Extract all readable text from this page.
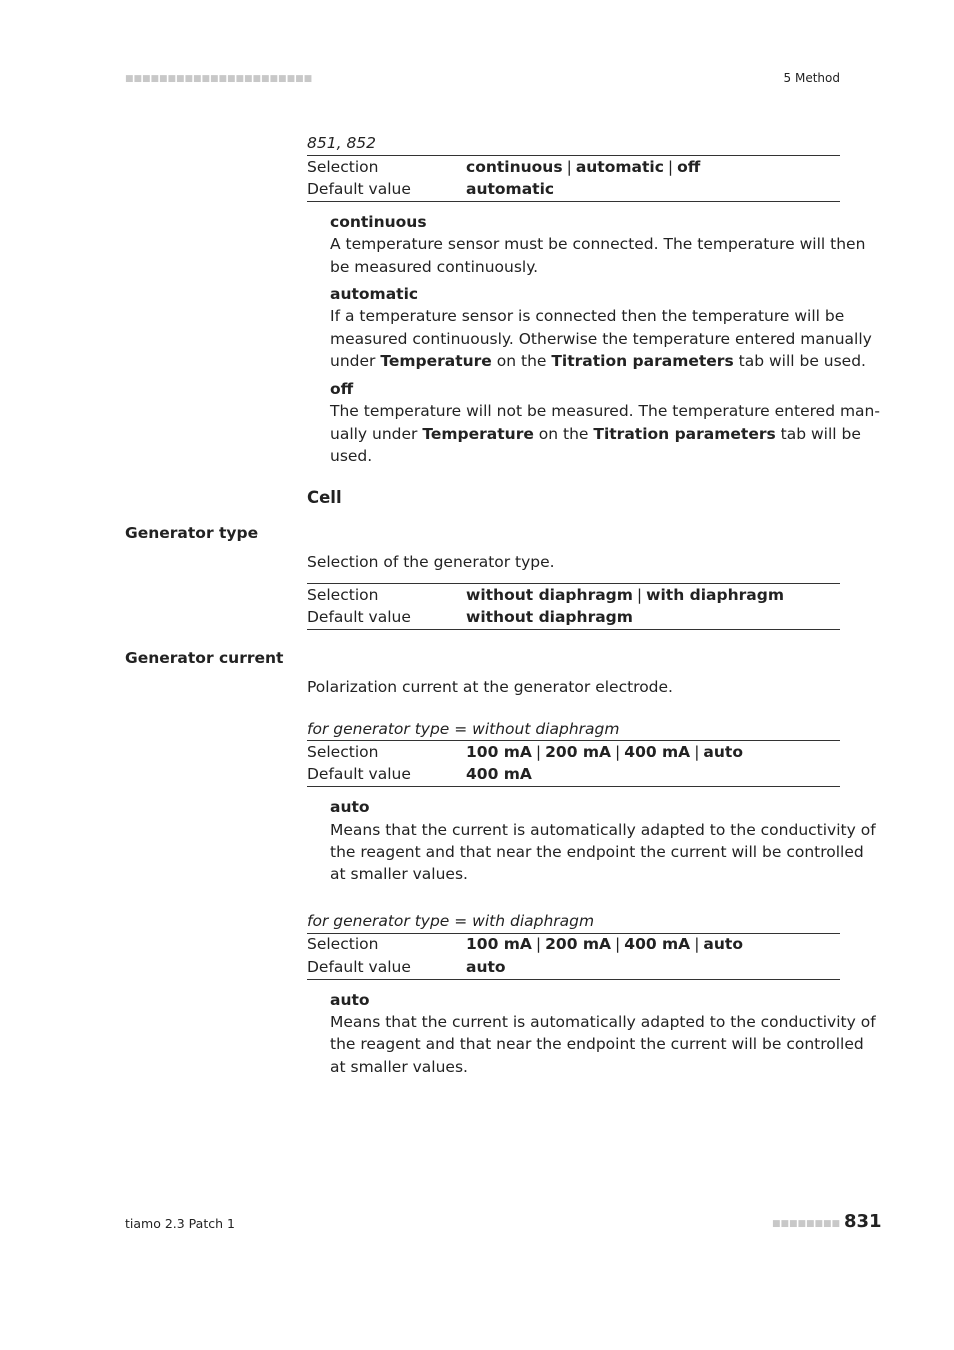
■■■■■■■■■■■■■■■■■■■■■■	5 Method
851, 852
Selection	continuous | automatic | off
Default value	automatic
continuous
A temperature sensor must be connected. The temperature will then
be measured continuously.
automatic
If a temperature sensor is connected then the temperature will be
measured continuously. Otherwise the temperature entered manually
under Temperature on the Titration parameters tab will be used.
off
The temperature will not be measured. The temperature entered man-
ually under Temperature on the Titration parameters tab will be
used.
Cell
Generator type
Selection of the generator type.
Selection	without diaphragm | with diaphragm
Default value	without diaphragm
Generator current
Polarization current at the generator electrode.
for generator type = without diaphragm
Selection	100 mA | 200 mA | 400 mA | auto
Default value	400 mA
auto
Means that the current is automatically adapted to the conductivity of
the reagent and that near the endpoint the current will be controlled
at smaller values.
for generator type = with diaphragm
Selection	100 mA | 200 mA | 400 mA | auto
Default value	auto
auto
Means that the current is automatically adapted to the conductivity of
the reagent and that near the endpoint the current will be controlled
at smaller values.
tiamo 2.3 Patch 1	■■■■■■■■ 831
